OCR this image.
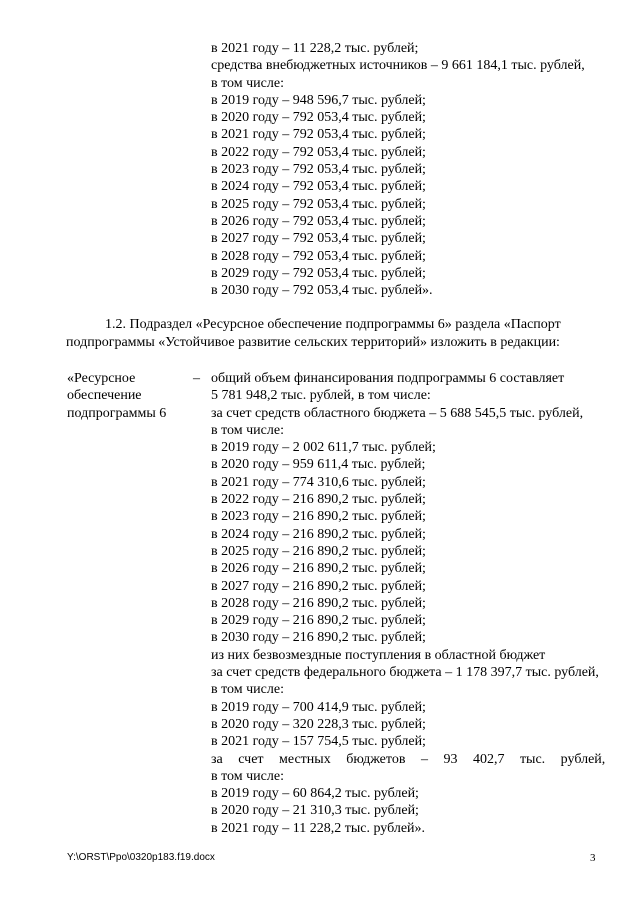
в 2021 году – 11 228,2 тыс. рублей;
средства внебюджетных источников – 9 661 184,1 тыс. рублей,
в том числе:
в 2019 году – 948 596,7 тыс. рублей;
в 2020 году – 792 053,4 тыс. рублей;
в 2021 году – 792 053,4 тыс. рублей;
в 2022 году – 792 053,4 тыс. рублей;
в 2023 году – 792 053,4 тыс. рублей;
в 2024 году – 792 053,4 тыс. рублей;
в 2025 году – 792 053,4 тыс. рублей;
в 2026 году – 792 053,4 тыс. рублей;
в 2027 году – 792 053,4 тыс. рублей;
в 2028 году – 792 053,4 тыс. рублей;
в 2029 году – 792 053,4 тыс. рублей;
в 2030 году – 792 053,4 тыс. рублей».
1.2. Подраздел «Ресурсное обеспечение подпрограммы 6» раздела «Паспорт
подпрограммы «Устойчивое развитие сельских территорий» изложить в редакции:
«Ресурсное
обеспечение
подпрограммы 6
– общий объем финансирования подпрограммы 6 составляет
5 781 948,2 тыс. рублей, в том числе:
за счет средств областного бюджета – 5 688 545,5 тыс. рублей,
в том числе:
в 2019 году – 2 002 611,7 тыс. рублей;
в 2020 году – 959 611,4 тыс. рублей;
в 2021 году – 774 310,6 тыс. рублей;
в 2022 году – 216 890,2 тыс. рублей;
в 2023 году – 216 890,2 тыс. рублей;
в 2024 году – 216 890,2 тыс. рублей;
в 2025 году – 216 890,2 тыс. рублей;
в 2026 году – 216 890,2 тыс. рублей;
в 2027 году – 216 890,2 тыс. рублей;
в 2028 году – 216 890,2 тыс. рублей;
в 2029 году – 216 890,2 тыс. рублей;
в 2030 году – 216 890,2 тыс. рублей;
из них безвозмездные поступления в областной бюджет
за счет средств федерального бюджета – 1 178 397,7 тыс. рублей,
в том числе:
в 2019 году – 700 414,9 тыс. рублей;
в 2020 году – 320 228,3 тыс. рублей;
в 2021 году – 157 754,5 тыс. рублей;
за счет местных бюджетов – 93 402,7 тыс. рублей,
в том числе:
в 2019 году – 60 864,2 тыс. рублей;
в 2020 году – 21 310,3 тыс. рублей;
в 2021 году – 11 228,2 тыс. рублей».
Y:\ORST\Ppo\0320p183.f19.docx	3
